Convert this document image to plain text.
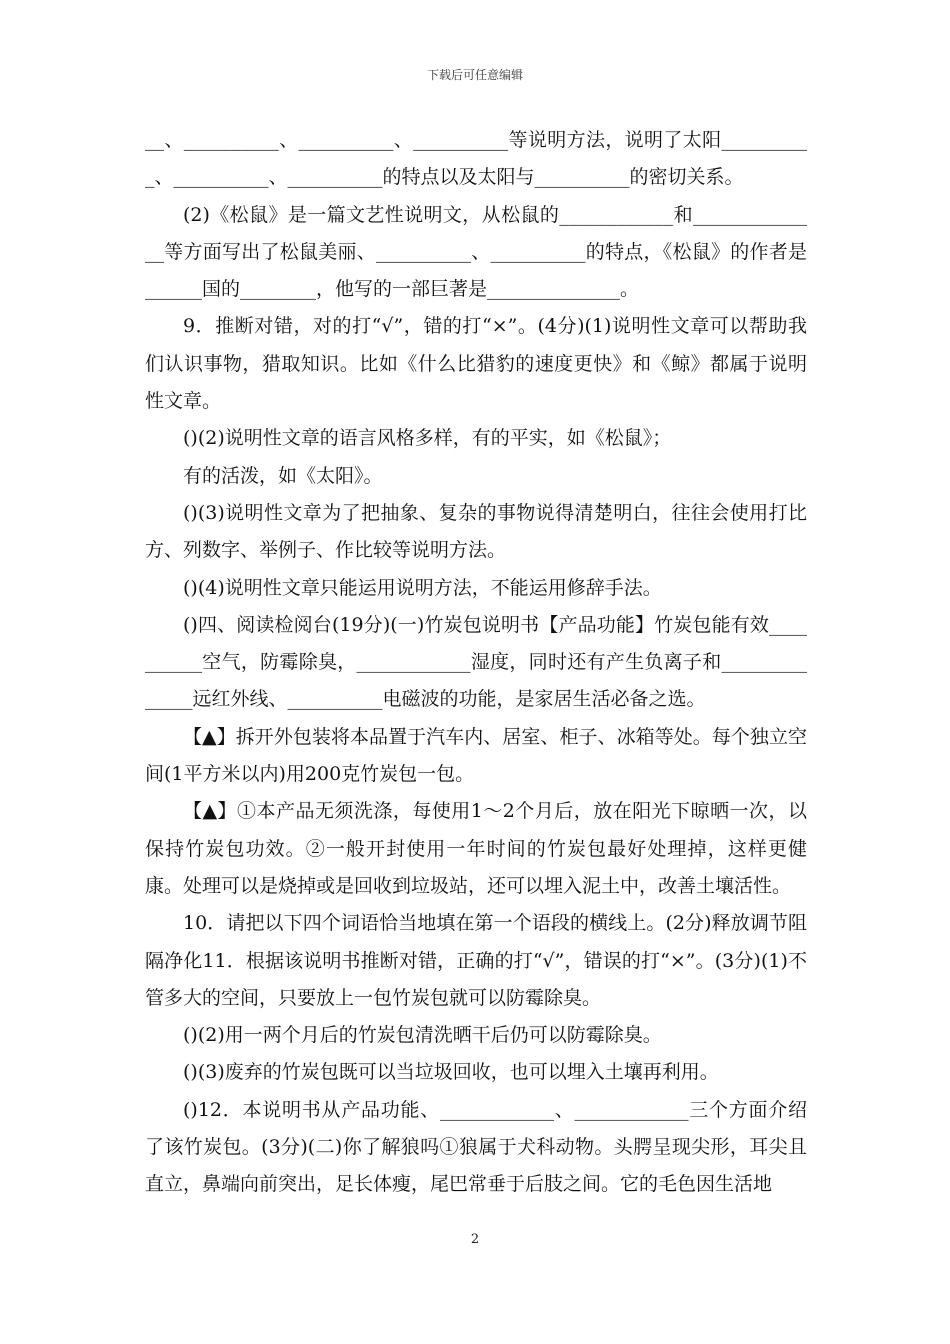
下载后可任意编辑
__、__________、__________、__________等说明方法，说明了太阳__________、__________、__________的特点以及太阳与__________的密切关系。
(2)《松鼠》是一篇文艺性说明文，从松鼠的____________和______________等方面写出了松鼠美丽、__________、__________的特点，《松鼠》的作者是______国的________，他写的一部巨著是______________。
9．推断对错，对的打“√”，错的打“×”。(4分)(1)说明性文章可以帮助我们认识事物，猎取知识。比如《什么比猎豹的速度更快》和《鲸》都属于说明性文章。
()(2)说明性文章的语言风格多样，有的平实，如《松鼠》；
有的活泼，如《太阳》。
()(3)说明性文章为了把抽象、复杂的事物说得清楚明白，往往会使用打比方、列数字、举例子、作比较等说明方法。
()(4)说明性文章只能运用说明方法，不能运用修辞手法。
()四、阅读检阅台(19分)(一)竹炭包说明书【产品功能】竹炭包能有效__________空气，防霉除臭，____________湿度，同时还有产生负离子和______________远红外线、__________电磁波的功能，是家居生活必备之选。
【▲】拆开外包装将本品置于汽车内、居室、柜子、冰箱等处。每个独立空间(1平方米以内)用200克竹炭包一包。
【▲】①本产品无须洗涤，每使用1～2个月后，放在阳光下晾晒一次，以保持竹炭包功效。②一般开封使用一年时间的竹炭包最好处理掉，这样更健康。处理可以是烧掉或是回收到垃圾站，还可以埋入泥土中，改善土壤活性。
10．请把以下四个词语恰当地填在第一个语段的横线上。(2分)释放调节阻隔净化11．根据该说明书推断对错，正确的打“√”，错误的打“×”。(3分)(1)不管多大的空间，只要放上一包竹炭包就可以防霉除臭。
()(2)用一两个月后的竹炭包清洗晒干后仍可以防霉除臭。
()(3)废弃的竹炭包既可以当垃圾回收，也可以埋入土壤再利用。
()12．本说明书从产品功能、____________、____________三个方面介绍了该竹炭包。(3分)(二)你了解狼吗①狼属于犬科动物。头腭呈现尖形，耳尖且直立，鼻端向前突出，足长体瘦，尾巴常垂于后肢之间。它的毛色因生活地
2
